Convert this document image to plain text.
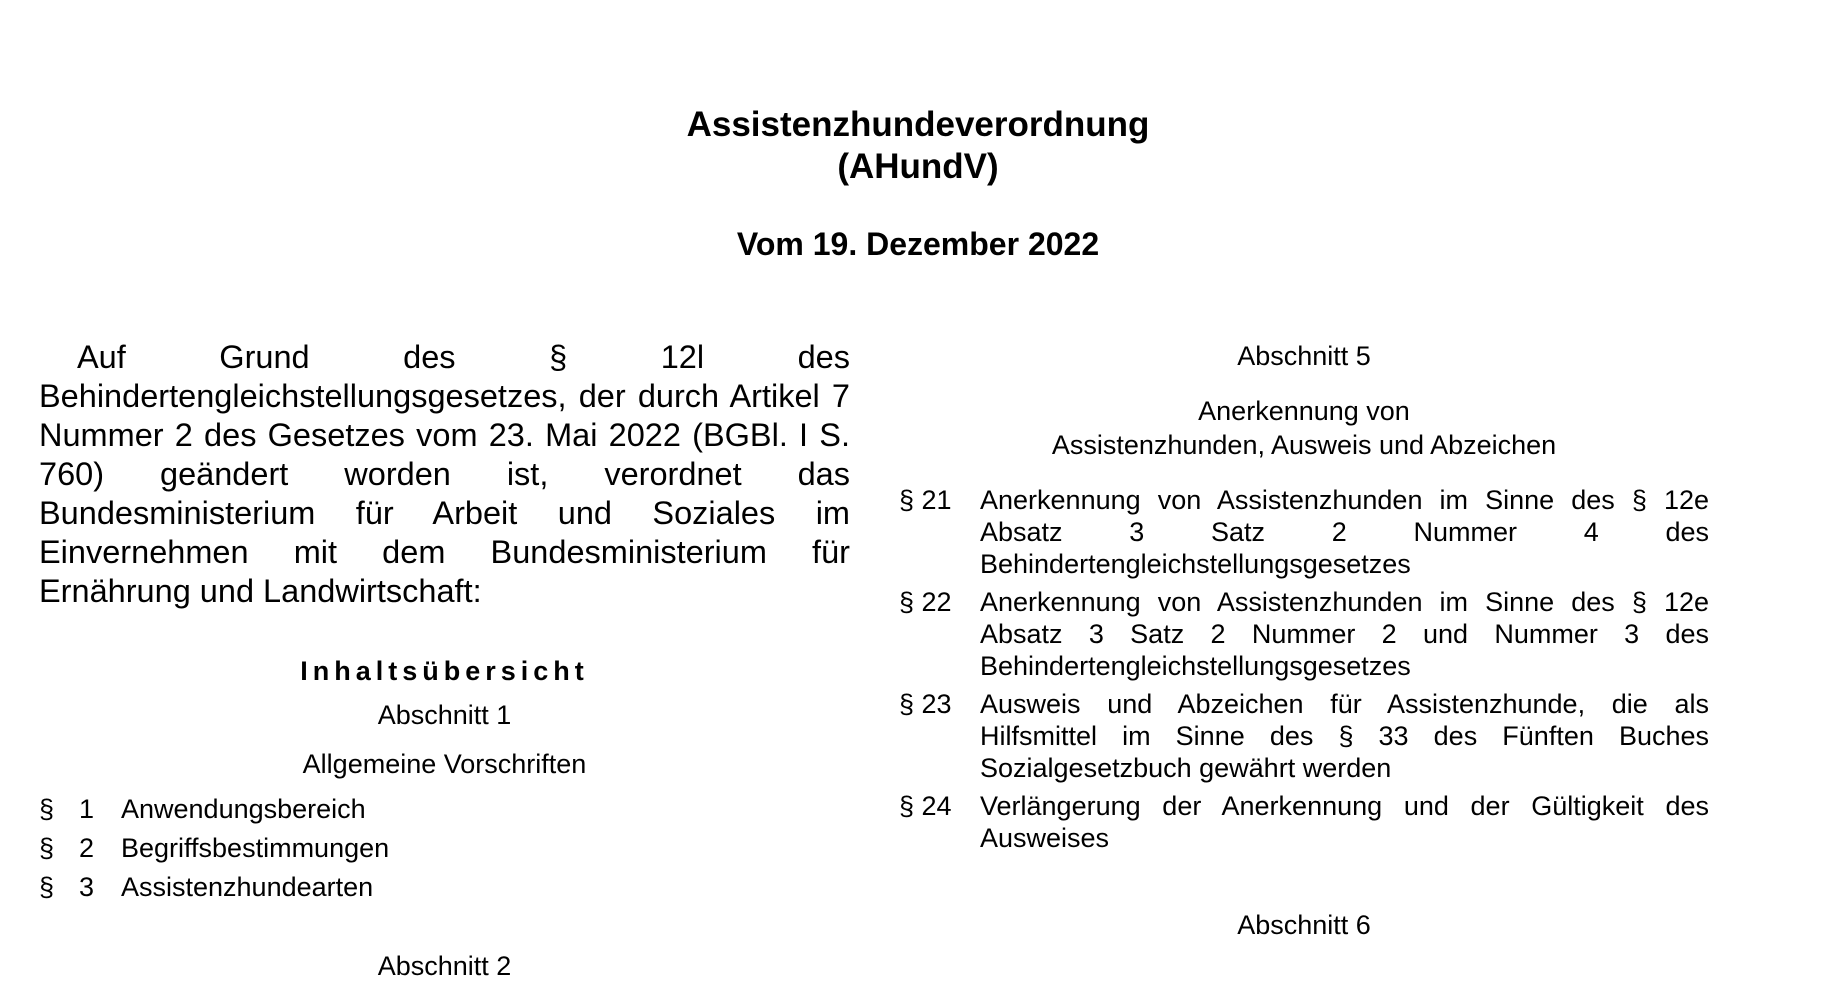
Assistenzhundeverordnung
(AHundV)
Vom 19. Dezember 2022

Auf Grund des § 12l des Behindertengleichstellungsgesetzes, der durch Artikel 7 Nummer 2 des Gesetzes vom 23. Mai 2022 (BGBl. I S. 760) geändert worden ist, verordnet das Bundesministerium für Arbeit und Soziales im Einvernehmen mit dem Bundesministerium für Ernährung und Landwirtschaft:

Inhaltsübersicht
Abschnitt 1
Allgemeine Vorschriften
§ 1 Anwendungsbereich
§ 2 Begriffsbestimmungen
§ 3 Assistenzhundearten
Abschnitt 2
Abschnitt 5
Anerkennung von
Assistenzhunden, Ausweis und Abzeichen
§ 21	Anerkennung von Assistenzhunden im Sinne des § 12e Absatz 3 Satz 2 Nummer 4 des Behindertengleichstellungsgesetzes
§ 22	Anerkennung von Assistenzhunden im Sinne des § 12e Absatz 3 Satz 2 Nummer 2 und Nummer 3 des Behindertengleichstellungsgesetzes
§ 23	Ausweis und Abzeichen für Assistenzhunde, die als Hilfsmittel im Sinne des § 33 des Fünften Buches Sozialgesetzbuch gewährt werden
§ 24	Verlängerung der Anerkennung und der Gültigkeit des Ausweises
Abschnitt 6
